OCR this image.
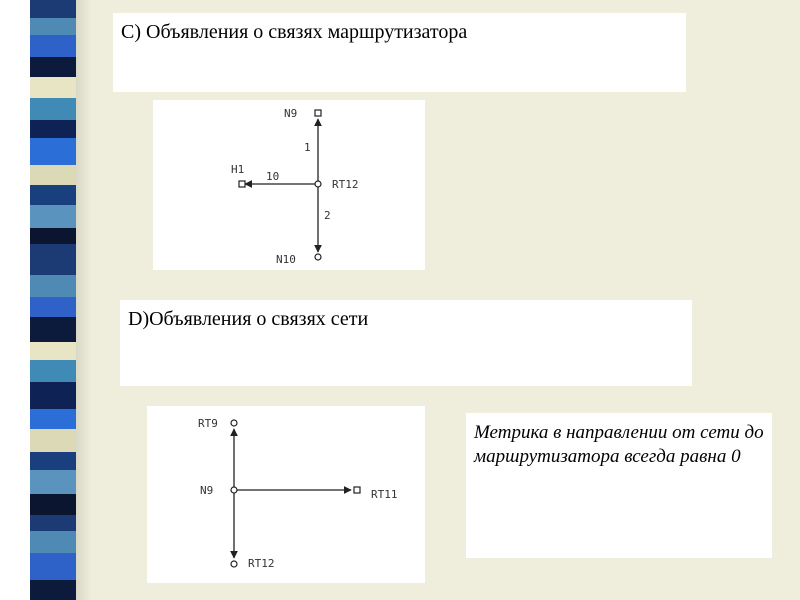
С) Объявления о связях маршрутизатора
N9
H1
RT12
N10
1
10
2
D)Объявления о связях сети
RT9
N9	RT11
RT12
Метрика в направлении от сети до маршрутизатора всегда равна 0
